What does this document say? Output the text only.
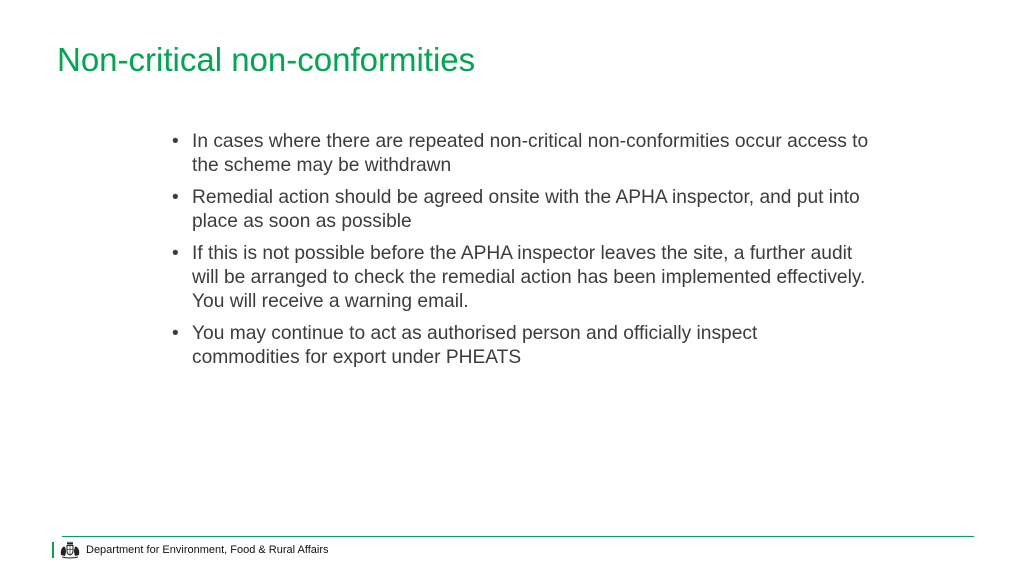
Non-critical non-conformities
• In cases where there are repeated non-critical non-conformities occur access to the scheme may be withdrawn
• Remedial action should be agreed onsite with the APHA inspector, and put into place as soon as possible
• If this is not possible before the APHA inspector leaves the site, a further audit will be arranged to check the remedial action has been implemented effectively. You will receive a warning email.
• You may continue to act as authorised person and officially inspect commodities for export under PHEATS
Department for Environment, Food & Rural Affairs
